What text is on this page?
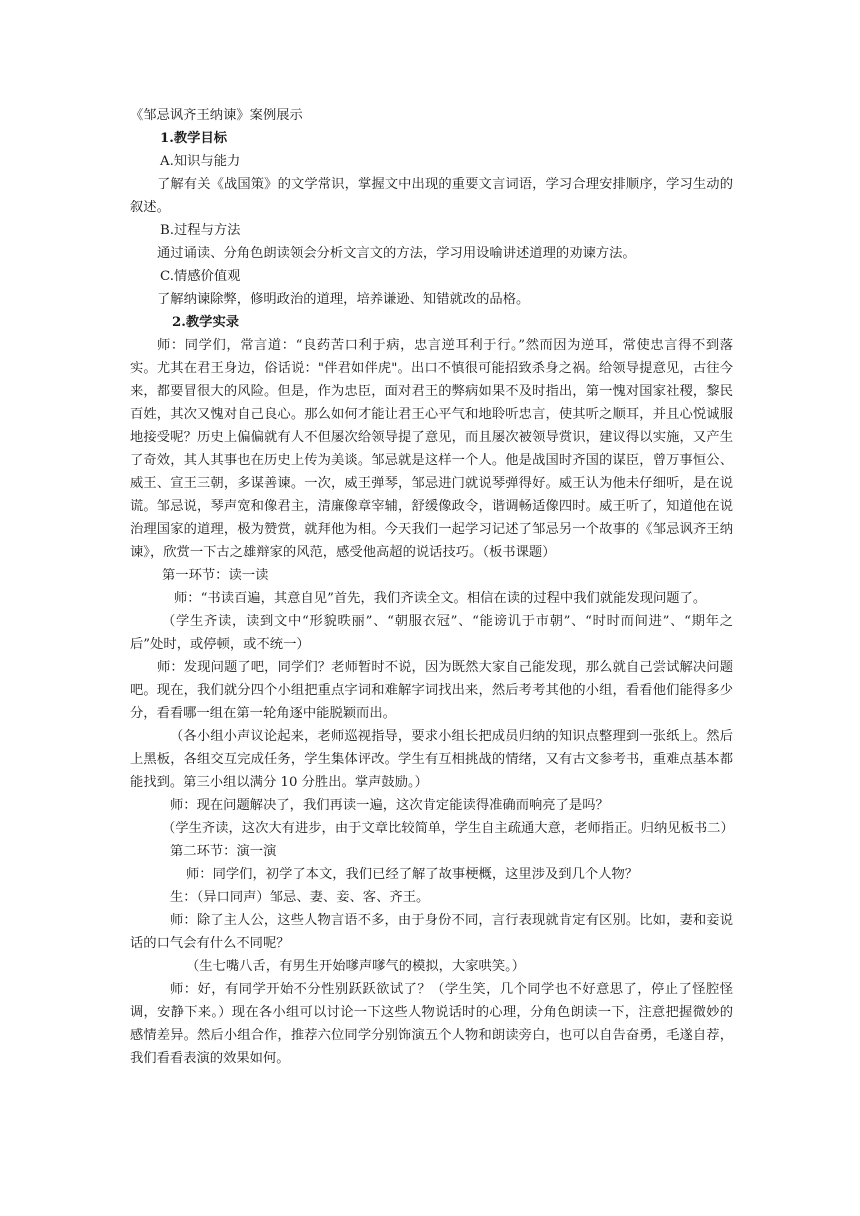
《邹忌讽齐王纳谏》案例展示

1.教学目标

A.知识与能力

了解有关《战国策》的文学常识，掌握文中出现的重要文言词语，学习合理安排顺序，学习生动的叙述。

B.过程与方法

通过诵读、分角色朗读领会分析文言文的方法，学习用设喻讲述道理的劝谏方法。

C.情感价值观

了解纳谏除弊，修明政治的道理，培养谦逊、知错就改的品格。

2.教学实录

师：同学们，常言道：“良药苦口利于病，忠言逆耳利于行。”然而因为逆耳，常使忠言得不到落实。尤其在君王身边，俗话说："伴君如伴虎"。出口不慎很可能招致杀身之祸。给领导提意见，古往今来，都要冒很大的风险。但是，作为忠臣，面对君王的弊病如果不及时指出，第一愧对国家社稷，黎民百姓，其次又愧对自己良心。那么如何才能让君王心平气和地聆听忠言，使其听之顺耳，并且心悦诚服地接受呢？历史上偏偏就有人不但屡次给领导提了意见，而且屡次被领导赏识，建议得以实施，又产生了奇效，其人其事也在历史上传为美谈。邹忌就是这样一个人。他是战国时齐国的谋臣，曾万事恒公、威王、宣王三朝，多谋善谏。一次，威王弹琴，邹忌进门就说琴弹得好。威王认为他未仔细听，是在说谎。邹忌说，琴声宽和像君主，清廉像章宰辅，舒缓像政令，谐调畅适像四时。威王听了，知道他在说治理国家的道理，极为赞赏，就拜他为相。今天我们一起学习记述了邹忌另一个故事的《邹忌讽齐王纳谏》，欣赏一下古之雄辩家的风范，感受他高超的说话技巧。（板书课题）

第一环节：读一读

师：“书读百遍，其意自见”首先，我们齐读全文。相信在读的过程中我们就能发现问题了。

（学生齐读，读到文中“形貌昳丽”、“朝服衣冠”、“能谤讥于市朝”、“时时而间进”、“期年之后”处时，或停顿，或不统一）

师：发现问题了吧，同学们？老师暂时不说，因为既然大家自己能发现，那么就自己尝试解决问题吧。现在，我们就分四个小组把重点字词和难解字词找出来，然后考考其他的小组，看看他们能得多少分，看看哪一组在第一轮角逐中能脱颖而出。

（各小组小声议论起来，老师巡视指导，要求小组长把成员归纳的知识点整理到一张纸上。然后上黑板，各组交互完成任务，学生集体评改。学生有互相挑战的情绪，又有古文参考书，重难点基本都能找到。第三小组以满分 10 分胜出。掌声鼓励。）

师：现在问题解决了，我们再读一遍，这次肯定能读得准确而响亮了是吗？

（学生齐读，这次大有进步，由于文章比较简单，学生自主疏通大意，老师指正。归纳见板书二）

第二环节：演一演

师：同学们，初学了本文，我们已经了解了故事梗概，这里涉及到几个人物？

生：（异口同声）邹忌、妻、妾、客、齐王。

师：除了主人公，这些人物言语不多，由于身份不同，言行表现就肯定有区别。比如，妻和妾说话的口气会有什么不同呢？

（生七嘴八舌，有男生开始嗲声嗲气的模拟，大家哄笑。）

师：好，有同学开始不分性别跃跃欲试了？（学生笑，几个同学也不好意思了，停止了怪腔怪调，安静下来。）现在各小组可以讨论一下这些人物说话时的心理，分角色朗读一下，注意把握微妙的感情差异。然后小组合作，推荐六位同学分别饰演五个人物和朗读旁白，也可以自告奋勇，毛遂自荐，我们看看表演的效果如何。
